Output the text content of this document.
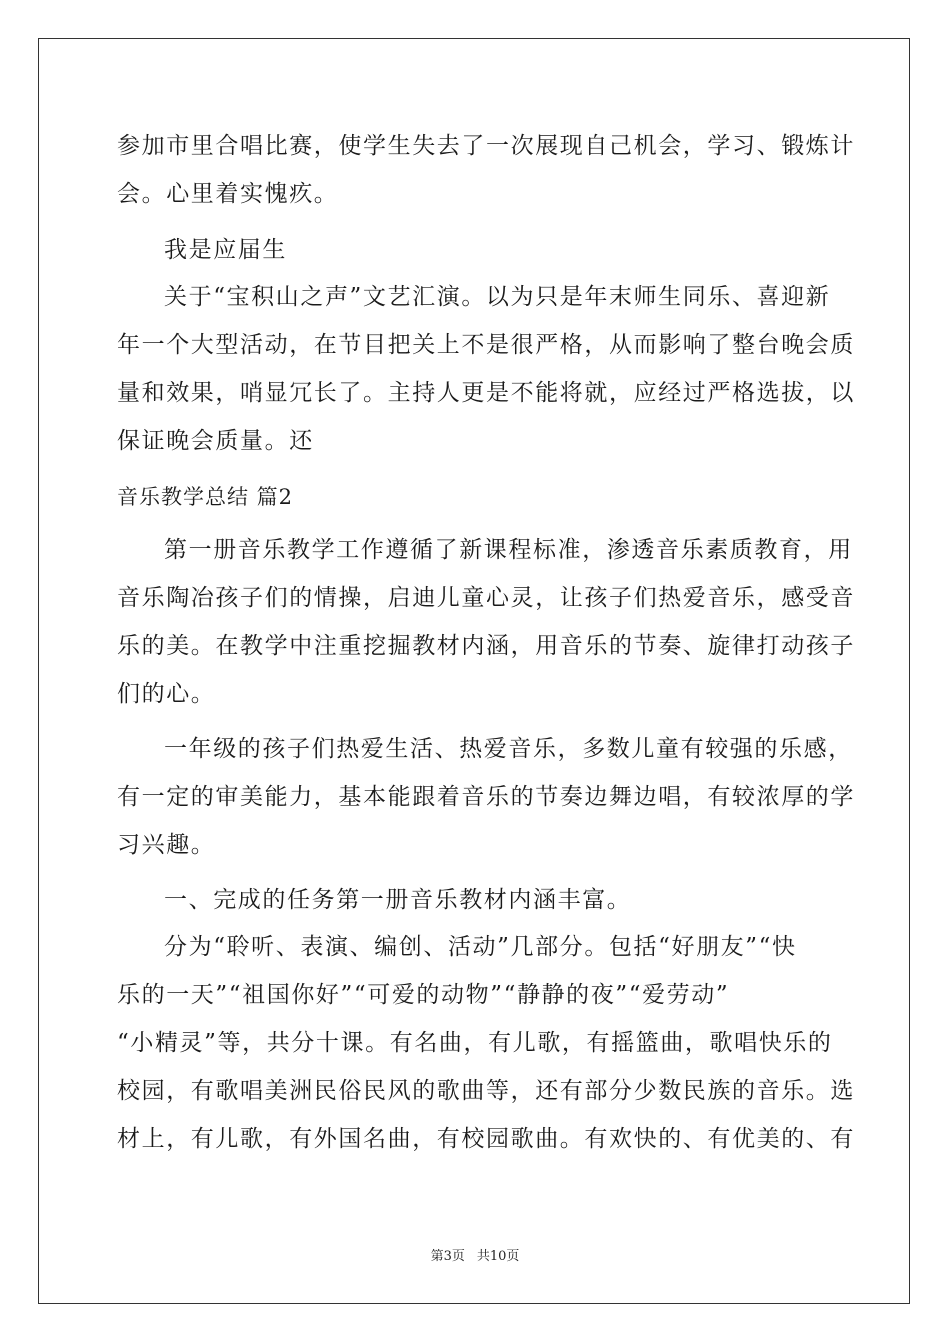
参加市里合唱比赛，使学生失去了一次展现自己机会，学习、锻炼计
会。心里着实愧疚。
我是应届生
关于“宝积山之声”文艺汇演。以为只是年末师生同乐、喜迎新
年一个大型活动，在节目把关上不是很严格，从而影响了整台晚会质
量和效果，哨显冗长了。主持人更是不能将就，应经过严格选拔，以
保证晚会质量。还
音乐教学总结 篇2
第一册音乐教学工作遵循了新课程标准，渗透音乐素质教育，用
音乐陶冶孩子们的情操，启迪儿童心灵，让孩子们热爱音乐，感受音
乐的美。在教学中注重挖掘教材内涵，用音乐的节奏、旋律打动孩子
们的心。
一年级的孩子们热爱生活、热爱音乐，多数儿童有较强的乐感，
有一定的审美能力，基本能跟着音乐的节奏边舞边唱，有较浓厚的学
习兴趣。
一、完成的任务第一册音乐教材内涵丰富。
分为“聆听、表演、编创、活动”几部分。包括“好朋友”“快
乐的一天”“祖国你好”“可爱的动物”“静静的夜”“爱劳动”
“小精灵”等，共分十课。有名曲，有儿歌，有摇篮曲，歌唱快乐的
校园，有歌唱美洲民俗民风的歌曲等，还有部分少数民族的音乐。选
材上，有儿歌，有外国名曲，有校园歌曲。有欢快的、有优美的、有
第3页 共10页
